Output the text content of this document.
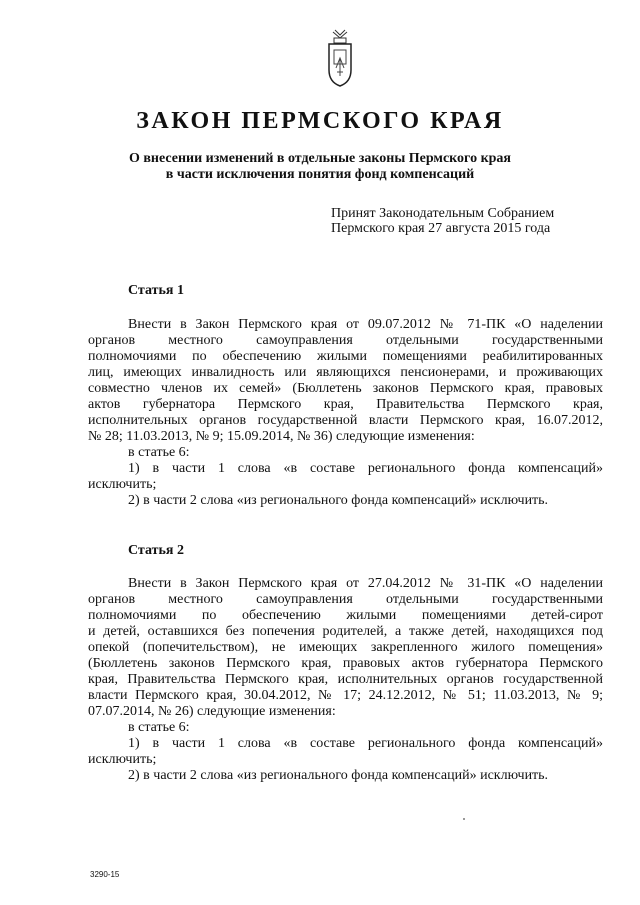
ЗАКОН ПЕРМСКОГО КРАЯ
О внесении изменений в отдельные законы Пермского края
в части исключения понятия фонд компенсаций
Принят Законодательным Собранием
Пермского края 27 августа 2015 года
Статья 1
Внести в Закон Пермского края от 09.07.2012 № 71-ПК «О наделении
органов местного самоуправления отдельными государственными
полномочиями по обеспечению жилыми помещениями реабилитированных
лиц, имеющих инвалидность или являющихся пенсионерами, и проживающих
совместно членов их семей» (Бюллетень законов Пермского края, правовых
актов губернатора Пермского края, Правительства Пермского края,
исполнительных органов государственной власти Пермского края, 16.07.2012,
№ 28; 11.03.2013, № 9; 15.09.2014, № 36) следующие изменения:
в статье 6:
1) в части 1 слова «в составе регионального фонда компенсаций»
исключить;
2) в части 2 слова «из регионального фонда компенсаций» исключить.
Статья 2
Внести в Закон Пермского края от 27.04.2012 № 31-ПК «О наделении
органов местного самоуправления отдельными государственными
полномочиями по обеспечению жилыми помещениями детей-сирот
и детей, оставшихся без попечения родителей, а также детей, находящихся под
опекой (попечительством), не имеющих закрепленного жилого помещения»
(Бюллетень законов Пермского края, правовых актов губернатора Пермского
края, Правительства Пермского края, исполнительных органов государственной
власти Пермского края, 30.04.2012, № 17; 24.12.2012, № 51; 11.03.2013, № 9;
07.07.2014, № 26) следующие изменения:
в статье 6:
1) в части 1 слова «в составе регионального фонда компенсаций»
исключить;
2) в части 2 слова «из регионального фонда компенсаций» исключить.
3290-15
